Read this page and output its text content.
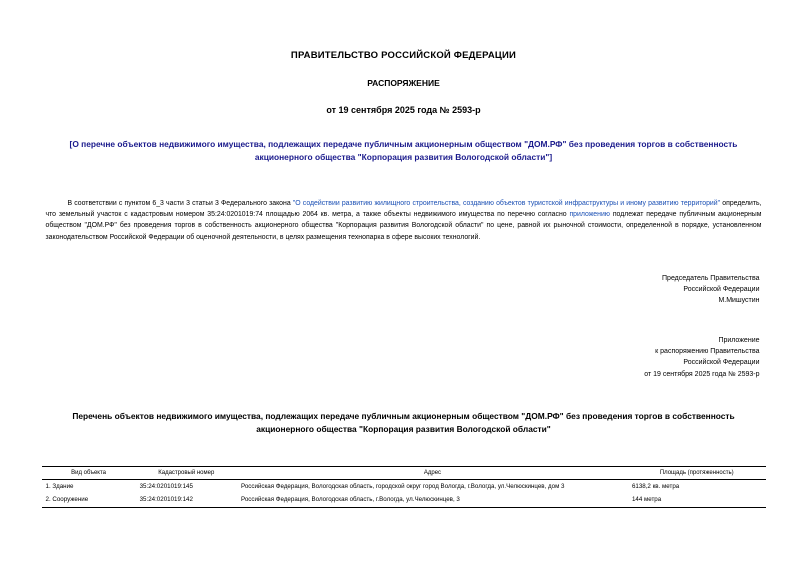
ПРАВИТЕЛЬСТВО РОССИЙСКОЙ ФЕДЕРАЦИИ
РАСПОРЯЖЕНИЕ
от 19 сентября 2025 года № 2593-р
[О перечне объектов недвижимого имущества, подлежащих передаче публичным акционерным обществом "ДОМ.РФ" без проведения торгов в собственность акционерного общества "Корпорация развития Вологодской области"]

В соответствии с пунктом 6_3 части 3 статьи 3 Федерального закона "О содействии развитию жилищного строительства, созданию объектов туристской инфраструктуры и иному развитию территорий" определить, что земельный участок с кадастровым номером 35:24:0201019:74 площадью 2064 кв. метра, а также объекты недвижимого имущества по перечню согласно приложению подлежат передаче публичным акционерным обществом "ДОМ.РФ" без проведения торгов в собственность акционерного общества "Корпорация развития Вологодской области" по цене, равной их рыночной стоимости, определенной в порядке, установленном законодательством Российской Федерации об оценочной деятельности, в целях размещения технопарка в сфере высоких технологий.

Председатель Правительства
Российской Федерации
М.Мишустин
Приложение
к распоряжению Правительства
Российской Федерации
от 19 сентября 2025 года № 2593-р
Перечень объектов недвижимого имущества, подлежащих передаче публичным акционерным обществом "ДОМ.РФ" без проведения торгов в собственность акционерного общества "Корпорация развития Вологодской области"
Вид объекта	Кадастровый номер	Адрес	Площадь (протяженность)
1. Здание	35:24:0201019:145	Российская Федерация, Вологодская область, городской округ город Вологда, г.Вологда, ул.Челюскинцев, дом 3	6138,2 кв. метра
2. Сооружение	35:24:0201019:142	Российская Федерация, Вологодская область, г.Вологда, ул.Челюскинцев, 3	144 метра
